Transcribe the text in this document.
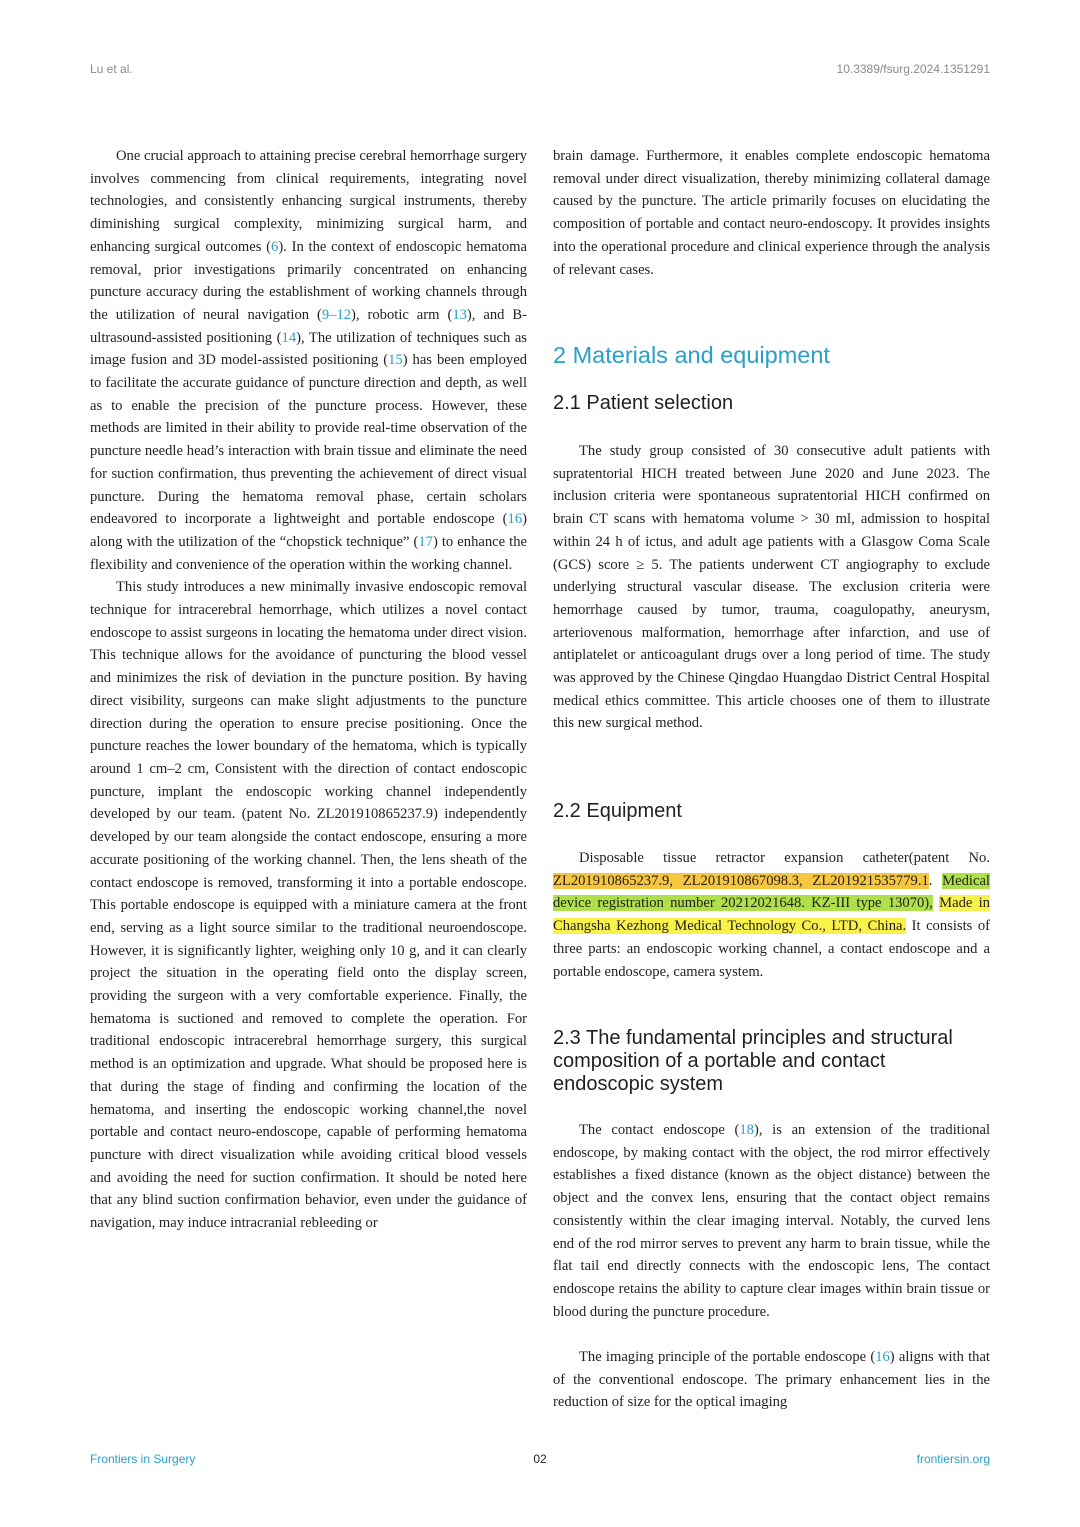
Lu et al.	10.3389/fsurg.2024.1351291

One crucial approach to attaining precise cerebral hemorrhage surgery involves commencing from clinical requirements, integrating novel technologies, and consistently enhancing surgical instruments, thereby diminishing surgical complexity, minimizing surgical harm, and enhancing surgical outcomes (6). In the context of endoscopic hematoma removal, prior investigations primarily concentrated on enhancing puncture accuracy during the establishment of working channels through the utilization of neural navigation (9–12), robotic arm (13), and B-ultrasound-assisted positioning (14), The utilization of techniques such as image fusion and 3D model-assisted positioning (15) has been employed to facilitate the accurate guidance of puncture direction and depth, as well as to enable the precision of the puncture process. However, these methods are limited in their ability to provide real-time observation of the puncture needle head’s interaction with brain tissue and eliminate the need for suction confirmation, thus preventing the achievement of direct visual puncture. During the hematoma removal phase, certain scholars endeavored to incorporate a lightweight and portable endoscope (16) along with the utilization of the “chopstick technique” (17) to enhance the flexibility and convenience of the operation within the working channel.

This study introduces a new minimally invasive endoscopic removal technique for intracerebral hemorrhage, which utilizes a novel contact endoscope to assist surgeons in locating the hematoma under direct vision. This technique allows for the avoidance of puncturing the blood vessel and minimizes the risk of deviation in the puncture position. By having direct visibility, surgeons can make slight adjustments to the puncture direction during the operation to ensure precise positioning. Once the puncture reaches the lower boundary of the hematoma, which is typically around 1 cm–2 cm, Consistent with the direction of contact endoscopic puncture, implant the endoscopic working channel independently developed by our team. (patent No. ZL201910865237.9) independently developed by our team alongside the contact endoscope, ensuring a more accurate positioning of the working channel. Then, the lens sheath of the contact endoscope is removed, transforming it into a portable endoscope. This portable endoscope is equipped with a miniature camera at the front end, serving as a light source similar to the traditional neuroendoscope. However, it is significantly lighter, weighing only 10 g, and it can clearly project the situation in the operating field onto the display screen, providing the surgeon with a very comfortable experience. Finally, the hematoma is suctioned and removed to complete the operation. For traditional endoscopic intracerebral hemorrhage surgery, this surgical method is an optimization and upgrade. What should be proposed here is that during the stage of finding and confirming the location of the hematoma, and inserting the endoscopic working channel,the novel portable and contact neuro-endoscope, capable of performing hematoma puncture with direct visualization while avoiding critical blood vessels and avoiding the need for suction confirmation. It should be noted here that any blind suction confirmation behavior, even under the guidance of navigation, may induce intracranial rebleeding or

brain damage. Furthermore, it enables complete endoscopic hematoma removal under direct visualization, thereby minimizing collateral damage caused by the puncture. The article primarily focuses on elucidating the composition of portable and contact neuro-endoscopy. It provides insights into the operational procedure and clinical experience through the analysis of relevant cases.

2 Materials and equipment
2.1 Patient selection

The study group consisted of 30 consecutive adult patients with supratentorial HICH treated between June 2020 and June 2023. The inclusion criteria were spontaneous supratentorial HICH confirmed on brain CT scans with hematoma volume > 30 ml, admission to hospital within 24 h of ictus, and adult age patients with a Glasgow Coma Scale (GCS) score ≥ 5. The patients underwent CT angiography to exclude underlying structural vascular disease. The exclusion criteria were hemorrhage caused by tumor, trauma, coagulopathy, aneurysm, arteriovenous malformation, hemorrhage after infarction, and use of antiplatelet or anticoagulant drugs over a long period of time. The study was approved by the Chinese Qingdao Huangdao District Central Hospital medical ethics committee. This article chooses one of them to illustrate this new surgical method.

2.2 Equipment

Disposable tissue retractor expansion catheter(patent No. ZL201910865237.9, ZL201910867098.3, ZL201921535779.1. Medical device registration number 20212021648. KZ-III type 13070), Made in Changsha Kezhong Medical Technology Co., LTD, China. It consists of three parts: an endoscopic working channel, a contact endoscope and a portable endoscope, camera system.

2.3 The fundamental principles and structural composition of a portable and contact endoscopic system

The contact endoscope (18), is an extension of the traditional endoscope, by making contact with the object, the rod mirror effectively establishes a fixed distance (known as the object distance) between the object and the convex lens, ensuring that the contact object remains consistently within the clear imaging interval. Notably, the curved lens end of the rod mirror serves to prevent any harm to brain tissue, while the flat tail end directly connects with the endoscopic lens, The contact endoscope retains the ability to capture clear images within brain tissue or blood during the puncture procedure.

The imaging principle of the portable endoscope (16) aligns with that of the conventional endoscope. The primary enhancement lies in the reduction of size for the optical imaging

Frontiers in Surgery	02	frontiersin.org
